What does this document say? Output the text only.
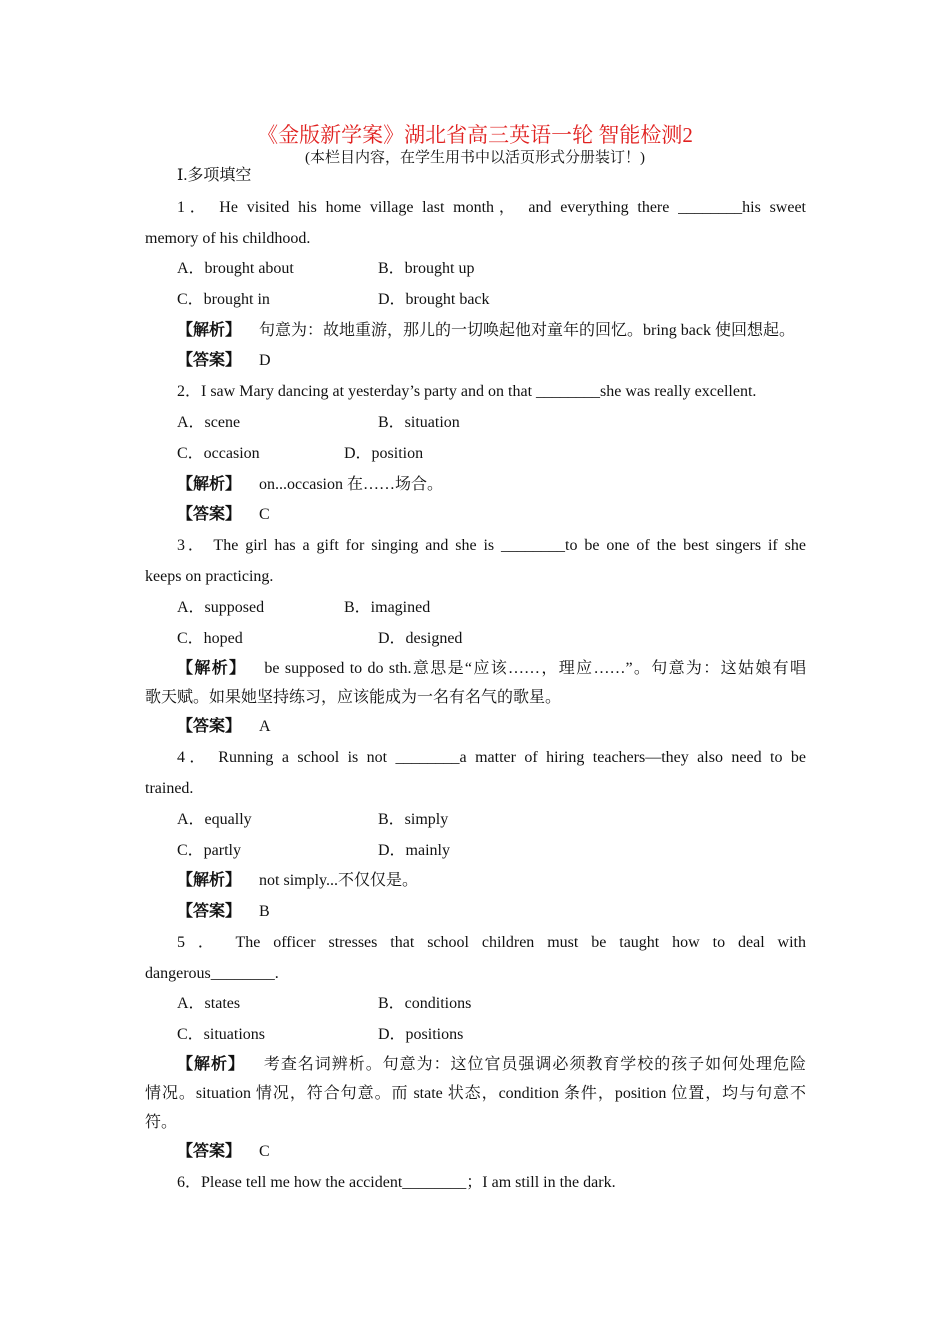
《金版新学案》湖北省高三英语一轮 智能检测2
(本栏目内容，在学生用书中以活页形式分册装订！)
Ⅰ.多项填空
1． He visited his home village last month， and everything there ________his sweet
memory of his childhood.
A．brought about	B．brought up
C．brought in	D．brought back
【解析】 句意为：故地重游，那儿的一切唤起他对童年的回忆。bring back 使回想起。
【答案】 D
2．I saw Mary dancing at yesterday’s party and on that ________she was really excellent.
A．scene	B．situation
C．occasion	D．position
【解析】 on...occasion 在……场合。
【答案】 C
3． The girl has a gift for singing and she is ________to be one of the best singers if she
keeps on practicing.
A．supposed	B．imagined
C．hoped	D．designed
【解析】 be supposed to do sth.意思是“应该……，理应……”。句意为：这姑娘有唱
歌天赋。如果她坚持练习，应该能成为一名有名气的歌星。
【答案】 A
4． Running a school is not ________a matter of hiring teachers—they also need to be
trained.
A．equally	B．simply
C．partly	D．mainly
【解析】 not simply...不仅仅是。
【答案】 B
5 ． The officer stresses that school children must be taught how to deal with
dangerous________.
A．states	B．conditions
C．situations	D．positions
【解析】 考查名词辨析。句意为：这位官员强调必须教育学校的孩子如何处理危险
情况。situation 情况，符合句意。而 state 状态，condition 条件，position 位置，均与句意不
符。
【答案】 C
6．Please tell me how the accident________；I am still in the dark.
